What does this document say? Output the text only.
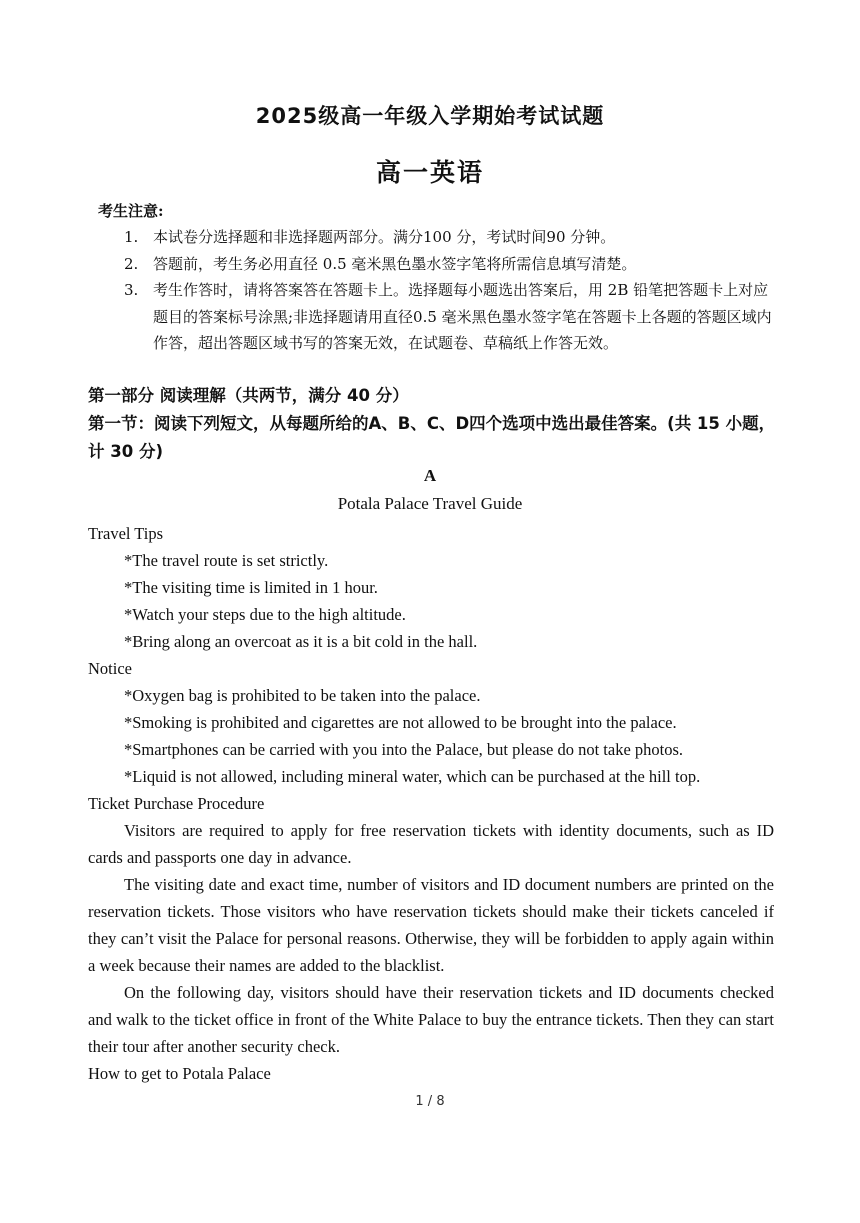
2025级高一年级入学期始考试试题
高一英语
考生注意:
1. 本试卷分选择题和非选择题两部分。满分100 分，考试时间90 分钟。
2. 答题前，考生务必用直径 0.5 毫米黑色墨水签字笔将所需信息填写清楚。
3. 考生作答时，请将答案答在答题卡上。选择题每小题选出答案后，用 2B 铅笔把答题卡上对应题目的答案标号涂黑;非选择题请用直径0.5 毫米黑色墨水签字笔在答题卡上各题的答题区域内作答，超出答题区域书写的答案无效，在试题卷、草稿纸上作答无效。
第一部分 阅读理解（共两节，满分 40 分）
第一节：阅读下列短文，从每题所给的A、B、C、D四个选项中选出最佳答案。(共 15 小题，计 30 分)
A
Potala Palace Travel Guide

Travel Tips

*The travel route is set strictly.

*The visiting time is limited in 1 hour.

*Watch your steps due to the high altitude.

*Bring along an overcoat as it is a bit cold in the hall.

Notice

*Oxygen bag is prohibited to be taken into the palace.

*Smoking is prohibited and cigarettes are not allowed to be brought into the palace.

*Smartphones can be carried with you into the Palace, but please do not take photos.

*Liquid is not allowed, including mineral water, which can be purchased at the hill top.

Ticket Purchase Procedure

Visitors are required to apply for free reservation tickets with identity documents, such as ID cards and passports one day in advance.

The visiting date and exact time, number of visitors and ID document numbers are printed on the reservation tickets. Those visitors who have reservation tickets should make their tickets canceled if they can’t visit the Palace for personal reasons. Otherwise, they will be forbidden to apply again within a week because their names are added to the blacklist.

On the following day, visitors should have their reservation tickets and ID documents checked and walk to the ticket office in front of the White Palace to buy the entrance tickets. Then they can start their tour after another security check.

How to get to Potala Palace

1 / 8
